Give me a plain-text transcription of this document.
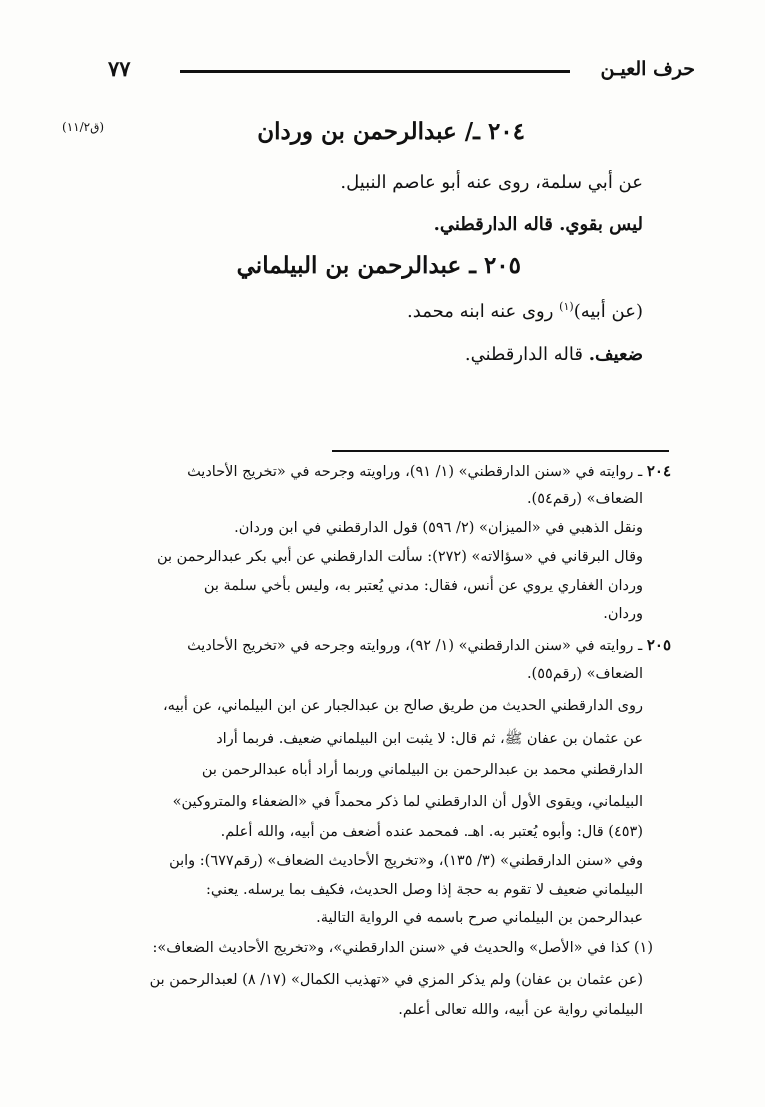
حرف العيـن
٧٧
(ق١١/٢)	٢٠٤ ـ/ عبدالرحمن بن وردان
عن أبي سلمة، روى عنه أبو عاصم النبيل.
ليس بقوي. قاله الدارقطني.
٢٠٥ ـ عبدالرحمن بن البيلماني
(عن أبيه)$^{(١)}$ روى عنه ابنه محمد.
ضعيف. قاله الدارقطني.
٢٠٤ ـ روايته في «سنن الدارقطني» (١/ ٩١)، وراويته وجرحه في «تخريج الأحاديث
الضعاف» (رقم٥٤).
ونقل الذهبي في «الميزان» (٢/ ٥٩٦) قول الدارقطني في ابن وردان.
وقال البرقاني في «سؤالاته» (٢٧٢): سألت الدارقطني عن أبي بكر عبدالرحمن بن
وردان الغفاري يروي عن أنس، فقال: مدني يُعتبر به، وليس بأخي سلمة بن
وردان.
٢٠٥ ـ روايته في «سنن الدارقطني» (١/ ٩٢)، وروايته وجرحه في «تخريج الأحاديث
الضعاف» (رقم٥٥).
روى الدارقطني الحديث من طريق صالح بن عبدالجبار عن ابن البيلماني، عن أبيه،
عن عثمان بن عفان ﷺ، ثم قال: لا يثبت ابن البيلماني ضعيف. فربما أراد
الدارقطني محمد بن عبدالرحمن بن البيلماني وربما أراد أباه عبدالرحمن بن
البيلماني، ويقوى الأول أن الدارقطني لما ذكر محمداً في «الضعفاء والمتروكين»
(٤٥٣) قال: وأبوه يُعتبر به. اهـ. فمحمد عنده أضعف من أبيه، والله أعلم.
وفي «سنن الدارقطني» (٣/ ١٣٥)، و«تخريج الأحاديث الضعاف» (رقم٦٧٧): وابن
البيلماني ضعيف لا تقوم به حجة إذا وصل الحديث، فكيف بما يرسله. يعني:
عبدالرحمن بن البيلماني صرح باسمه في الرواية التالية.
(١) كذا في «الأصل» والحديث في «سنن الدارقطني»، و«تخريج الأحاديث الضعاف»:
(عن عثمان بن عفان) ولم يذكر المزي في «تهذيب الكمال» (١٧/ ٨) لعبدالرحمن بن
البيلماني رواية عن أبيه، والله تعالى أعلم.
